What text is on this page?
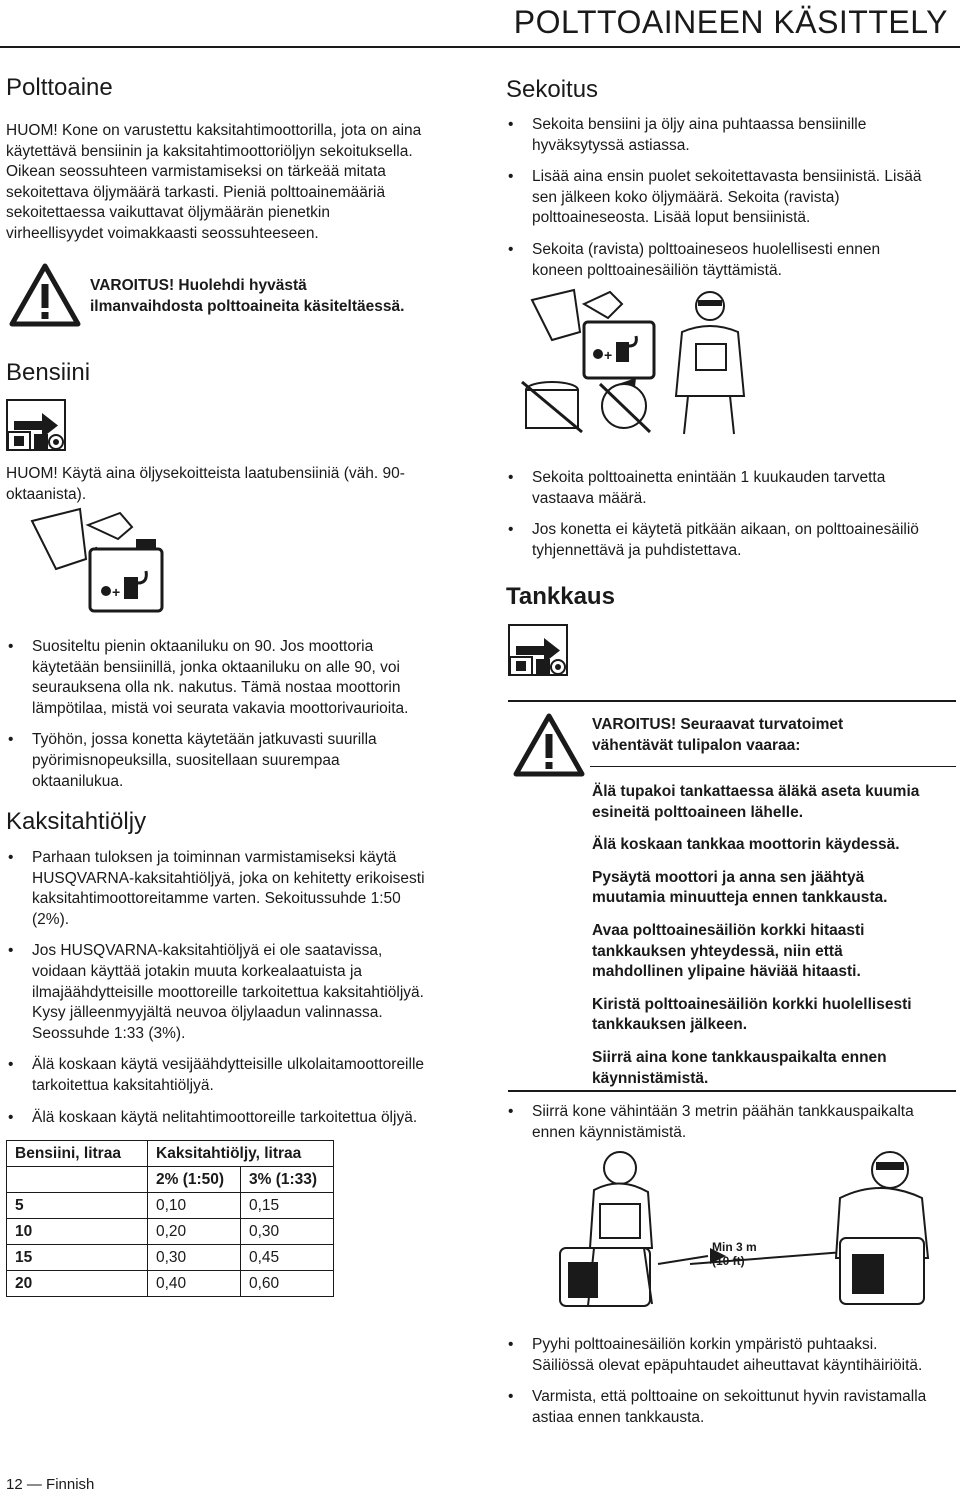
POLTTOAINEEN KÄSITTELY
Polttoaine

HUOM! Kone on varustettu kaksitahtimoottorilla, jota on aina

käytettävä bensiinin ja kaksitahtimoottoriöljyn sekoituksella.

Oikean seossuhteen varmistamiseksi on tärkeää mitata

sekoitettava öljymäärä tarkasti. Pieniä polttoainemääriä

sekoitettaessa vaikuttavat öljymäärän pienetkin

virheellisyydet voimakkaasti seossuhteeseen.

VAROITUS! Huolehdi hyvästä
ilmanvaihdosta polttoaineita käsiteltäessä.
Bensiini

HUOM! Käytä aina öljysekoitteista laatubensiiniä (väh. 90-

oktaanista).

+
• Suositeltu pienin oktaaniluku on 90. Jos moottoria
käytetään bensiinillä, jonka oktaaniluku on alle 90, voi
seurauksena olla nk. nakutus. Tämä nostaa moottorin
lämpötilaa, mistä voi seurata vakavia moottorivaurioita.
• Työhön, jossa konetta käytetään jatkuvasti suurilla
pyörimisnopeuksilla, suositellaan suurempaa
oktaanilukua.
Kaksitahtiöljy
• Parhaan tuloksen ja toiminnan varmistamiseksi käytä
HUSQVARNA-kaksitahtiöljyä, joka on kehitetty erikoisesti
kaksitahtimoottoreitamme varten. Sekoitussuhde 1:50
(2%).
• Jos HUSQVARNA-kaksitahtiöljyä ei ole saatavissa,
voidaan käyttää jotakin muuta korkealaatuista ja
ilmajäähdytteisille moottoreille tarkoitettua kaksitahtiöljyä.
Kysy jälleenmyyjältä neuvoa öljylaadun valinnassa.
Seossuhde 1:33 (3%).
• Älä koskaan käytä vesijäähdytteisille ulkolaitamoottoreille
tarkoitettua kaksitahtiöljyä.
• Älä koskaan käytä nelitahtimoottoreille tarkoitettua öljyä.
Bensiini, litraa	Kaksitahtiöljy, litraa	
	2% (1:50)	3% (1:33)
5	0,10	0,15
10	0,20	0,30
15	0,30	0,45
20	0,40	0,60
Sekoitus
• Sekoita bensiini ja öljy aina puhtaassa bensiinille
hyväksytyssä astiassa.
• Lisää aina ensin puolet sekoitettavasta bensiinistä. Lisää
sen jälkeen koko öljymäärä. Sekoita (ravista)
polttoaineseosta. Lisää loput bensiinistä.
• Sekoita (ravista) polttoaineseos huolellisesti ennen
koneen polttoainesäiliön täyttämistä.
+
• Sekoita polttoainetta enintään 1 kuukauden tarvetta
vastaava määrä.
• Jos konetta ei käytetä pitkään aikaan, on polttoainesäiliö
tyhjennettävä ja puhdistettava.
Tankkaus
VAROITUS! Seuraavat turvatoimet
vähentävät tulipalon vaaraa:
Älä tupakoi tankattaessa äläkä aseta kuumia
esineitä polttoaineen lähelle.
Älä koskaan tankkaa moottorin käydessä.
Pysäytä moottori ja anna sen jäähtyä
muutamia minuutteja ennen tankkausta.
Avaa polttoainesäiliön korkki hitaasti
tankkauksen yhteydessä, niin että
mahdollinen ylipaine häviää hitaasti.
Kiristä polttoainesäiliön korkki huolellisesti
tankkauksen jälkeen.
Siirrä aina kone tankkauspaikalta ennen
käynnistämistä.
• Siirrä kone vähintään 3 metrin päähän tankkauspaikalta
ennen käynnistämistä.
Min 3 m
(10 ft)
• Pyyhi polttoainesäiliön korkin ympäristö puhtaaksi.
Säiliössä olevat epäpuhtaudet aiheuttavat käyntihäiriöitä.
• Varmista, että polttoaine on sekoittunut hyvin ravistamalla
astiaa ennen tankkausta.
12 — Finnish
